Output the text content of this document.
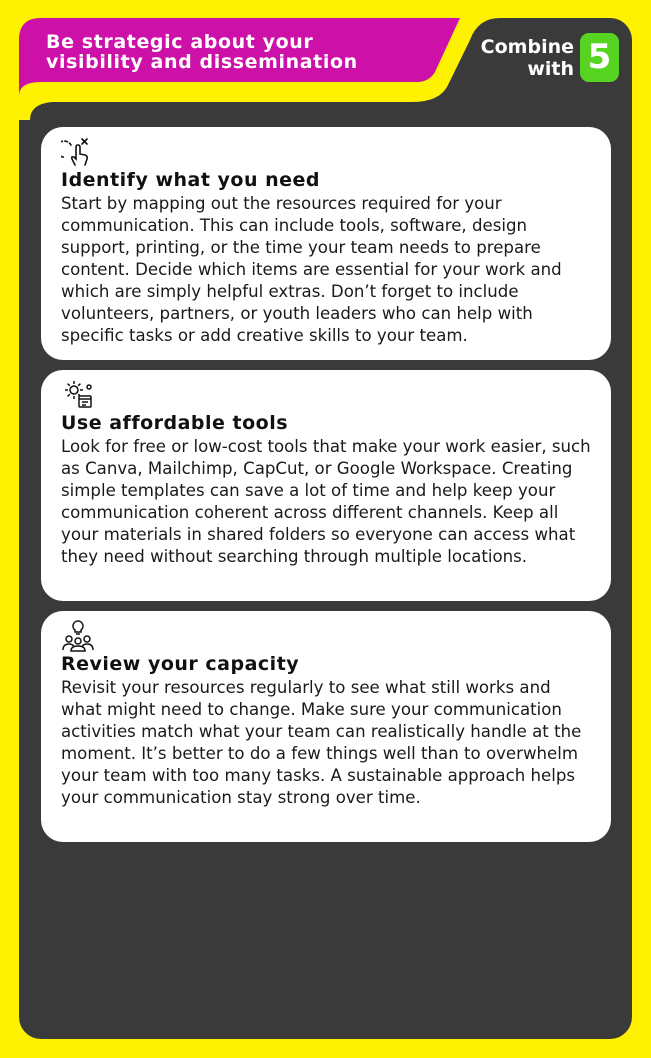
Be strategic about your
visibility and dissemination
Combine
with 5
Identify what you need
Start by mapping out the resources required for your communication. This can include tools, software, design support, printing, or the time your team needs to prepare content. Decide which items are essential for your work and which are simply helpful extras. Don’t forget to include volunteers, partners, or youth leaders who can help with specific tasks or add creative skills to your team.
Use affordable tools
Look for free or low-cost tools that make your work easier, such as Canva, Mailchimp, CapCut, or Google Workspace. Creating simple templates can save a lot of time and help keep your communication coherent across different channels. Keep all your materials in shared folders so everyone can access what they need without searching through multiple locations.
Review your capacity
Revisit your resources regularly to see what still works and what might need to change. Make sure your communication activities match what your team can realistically handle at the moment. It’s better to do a few things well than to overwhelm your team with too many tasks. A sustainable approach helps your communication stay strong over time.
